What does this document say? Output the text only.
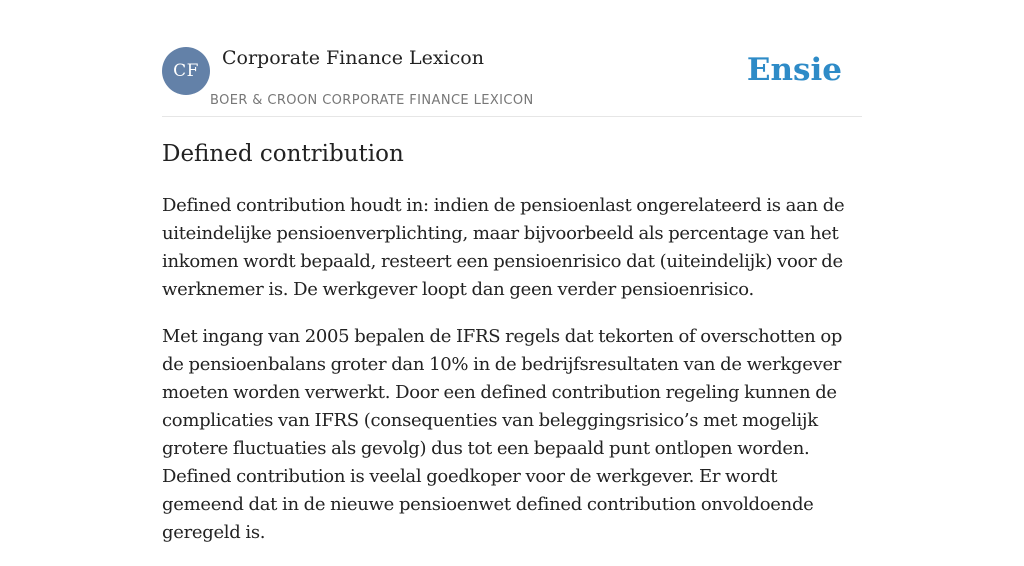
CF
Corporate Finance Lexicon
BOER & CROON CORPORATE FINANCE LEXICON
Ensie
Defined contribution

Defined contribution houdt in: indien de pensioenlast ongerelateerd is aan de uiteindelijke pensioenverplichting, maar bijvoorbeeld als percentage van het inkomen wordt bepaald, resteert een pensioenrisico dat (uiteindelijk) voor de werknemer is. De werkgever loopt dan geen verder pensioenrisico.

Met ingang van 2005 bepalen de IFRS regels dat tekorten of overschotten op de pensioenbalans groter dan 10% in de bedrijfsresultaten van de werkgever moeten worden verwerkt. Door een defined contribution regeling kunnen de complicaties van IFRS (consequenties van beleggingsrisico’s met mogelijk grotere fluctuaties als gevolg) dus tot een bepaald punt ontlopen worden. Defined contribution is veelal goedkoper voor de werkgever. Er wordt gemeend dat in de nieuwe pensioenwet defined contribution onvoldoende geregeld is.
